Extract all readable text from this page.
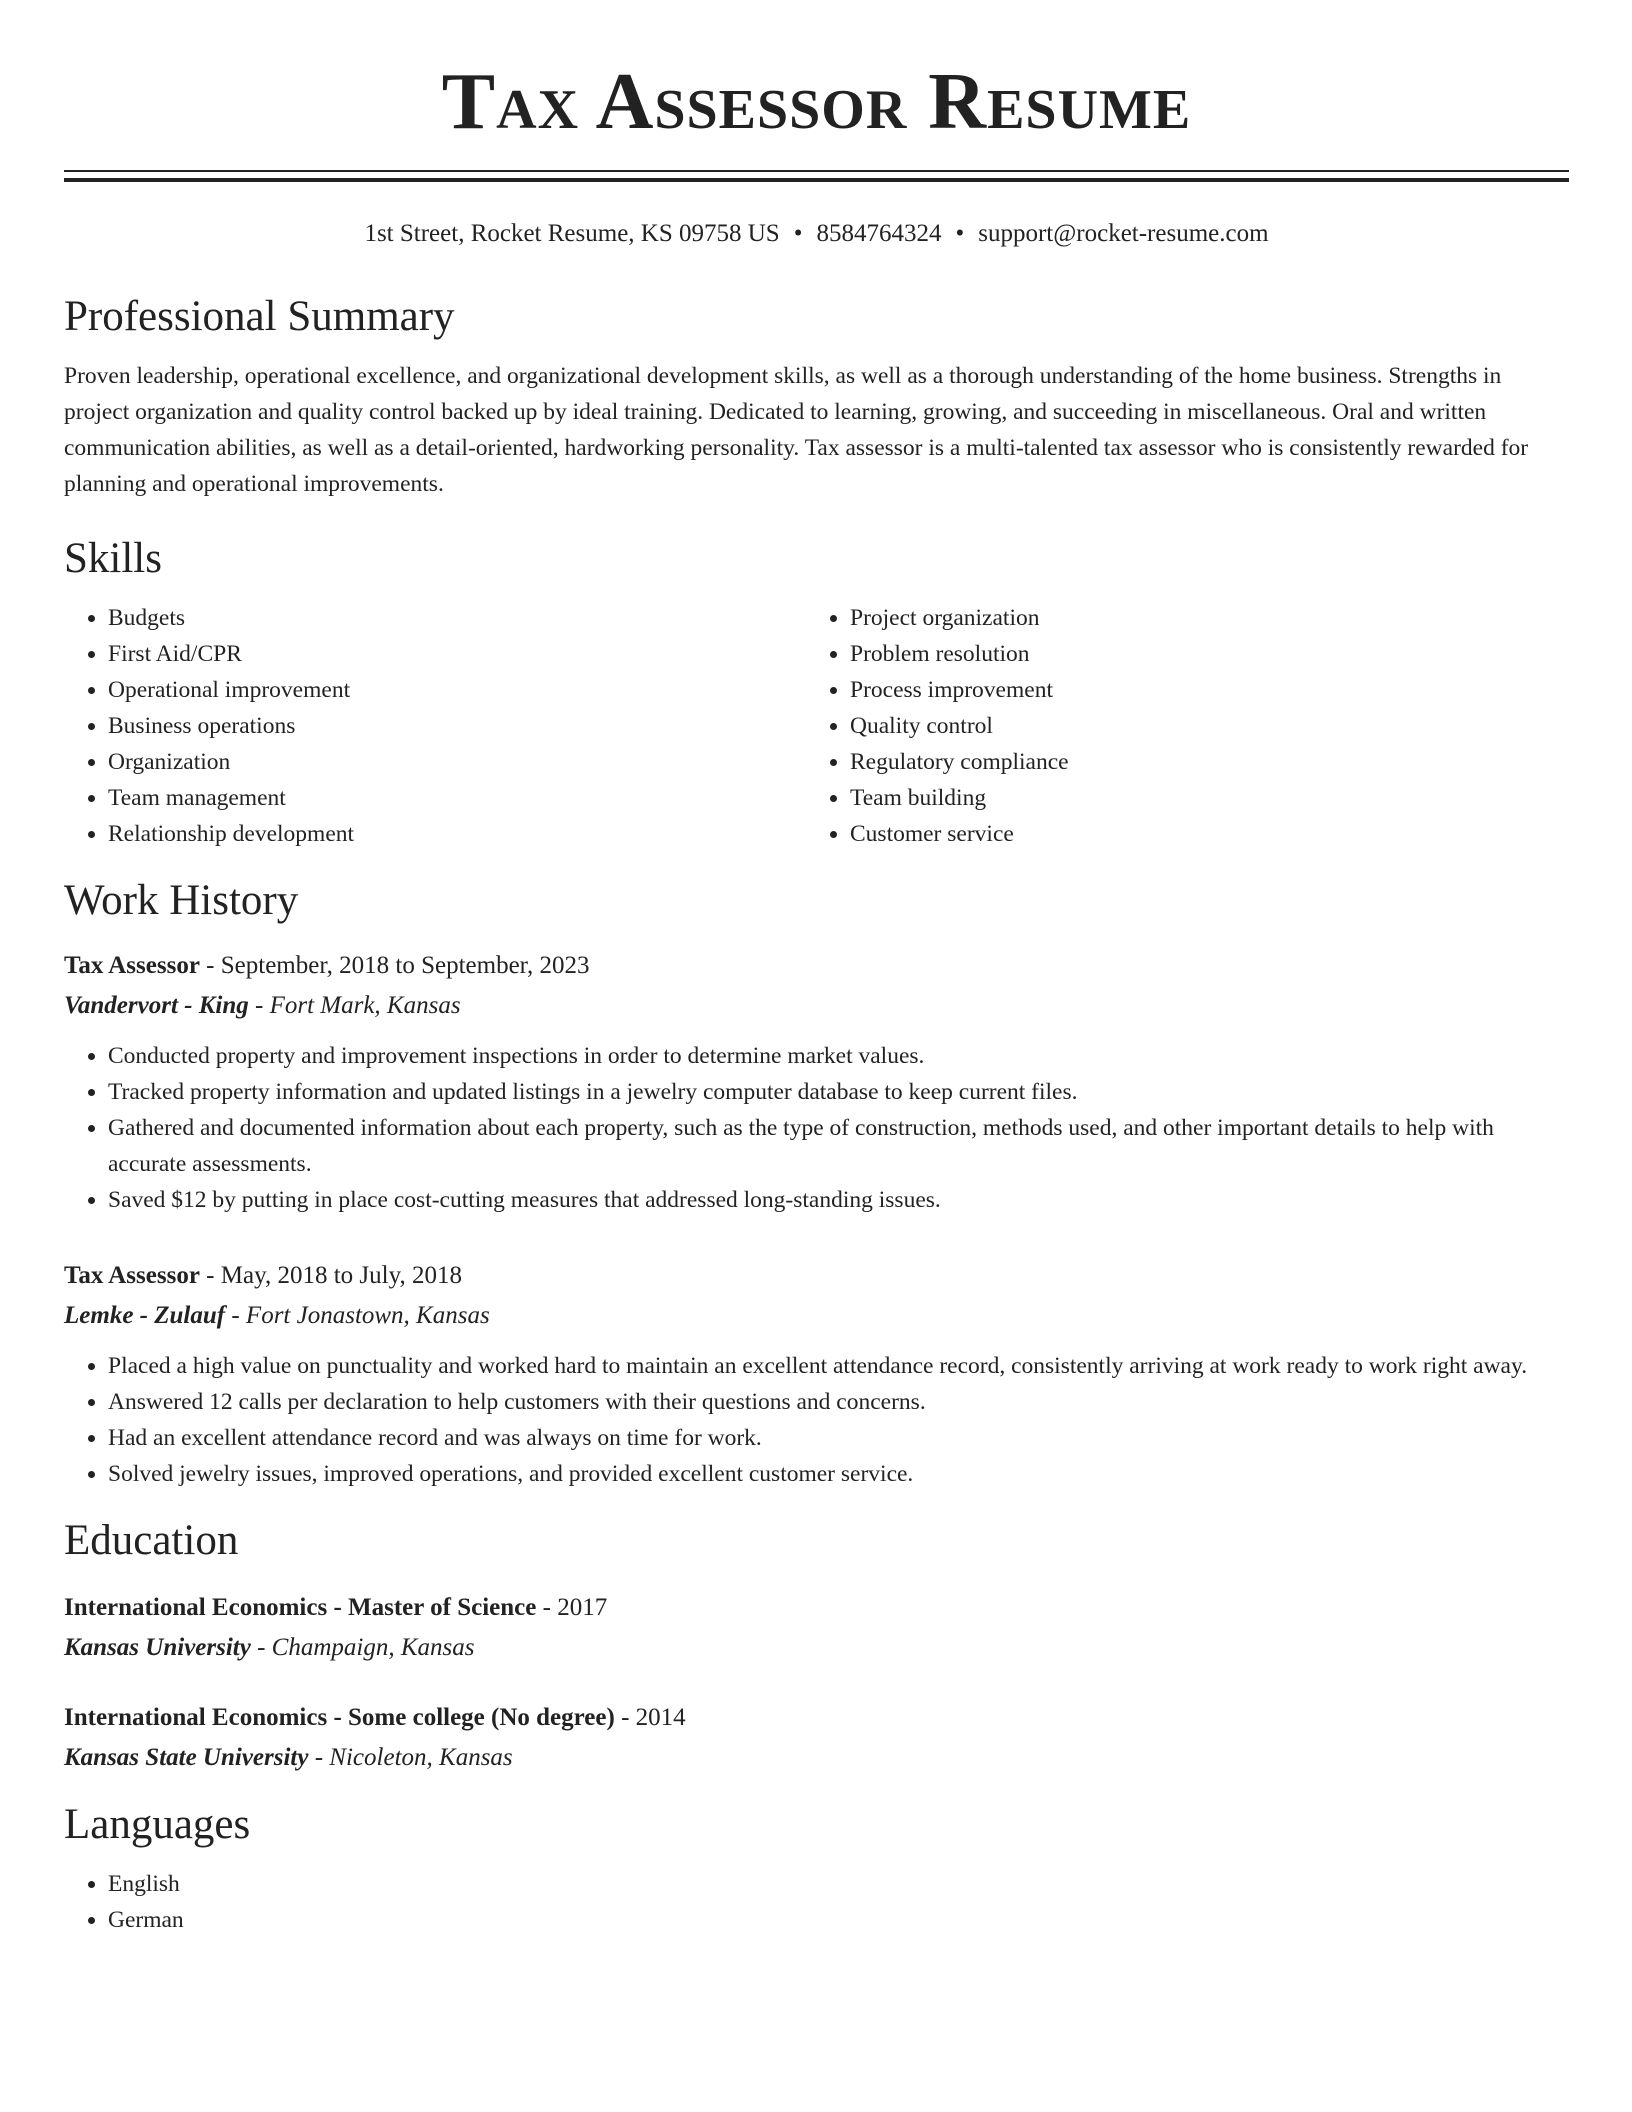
Tax Assessor Resume
1st Street, Rocket Resume, KS 09758 US • 8584764324 • support@rocket-resume.com
Professional Summary
Proven leadership, operational excellence, and organizational development skills, as well as a thorough understanding of the home business. Strengths in project organization and quality control backed up by ideal training. Dedicated to learning, growing, and succeeding in miscellaneous. Oral and written communication abilities, as well as a detail-oriented, hardworking personality. Tax assessor is a multi-talented tax assessor who is consistently rewarded for planning and operational improvements.
Skills
• Budgets
• First Aid/CPR
• Operational improvement
• Business operations
• Organization
• Team management
• Relationship development
• Project organization
• Problem resolution
• Process improvement
• Quality control
• Regulatory compliance
• Team building
• Customer service
Work History
Tax Assessor - September, 2018 to September, 2023
Vandervort - King - Fort Mark, Kansas
• Conducted property and improvement inspections in order to determine market values.
• Tracked property information and updated listings in a jewelry computer database to keep current files.
• Gathered and documented information about each property, such as the type of construction, methods used, and other important details to help with accurate assessments.
• Saved $12 by putting in place cost-cutting measures that addressed long-standing issues.
Tax Assessor - May, 2018 to July, 2018
Lemke - Zulauf - Fort Jonastown, Kansas
• Placed a high value on punctuality and worked hard to maintain an excellent attendance record, consistently arriving at work ready to work right away.
• Answered 12 calls per declaration to help customers with their questions and concerns.
• Had an excellent attendance record and was always on time for work.
• Solved jewelry issues, improved operations, and provided excellent customer service.
Education
International Economics - Master of Science - 2017
Kansas University - Champaign, Kansas
International Economics - Some college (No degree) - 2014
Kansas State University - Nicoleton, Kansas
Languages
• English
• German
